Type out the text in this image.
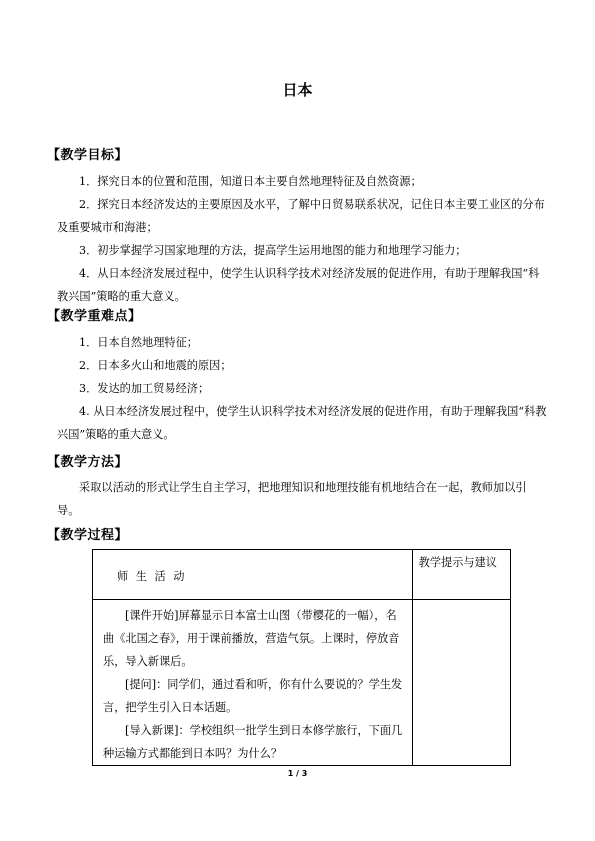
日本
【教学目标】

1．探究日本的位置和范围，知道日本主要自然地理特征及自然资源；

2．探究日本经济发达的主要原因及水平，了解中日贸易联系状况，记住日本主要工业区的分布及重要城市和海港；

3．初步掌握学习国家地理的方法，提高学生运用地图的能力和地理学习能力；

4．从日本经济发展过程中，使学生认识科学技术对经济发展的促进作用，有助于理解我国“科教兴国”策略的重大意义。

【教学重难点】

1．日本自然地理特征；

2．日本多火山和地震的原因；

3．发达的加工贸易经济；

4. 从日本经济发展过程中，使学生认识科学技术对经济发展的促进作用，有助于理解我国“科教兴国”策略的重大意义。

【教学方法】

采取以活动的形式让学生自主学习，把地理知识和地理技能有机地结合在一起，教师加以引导。

【教学过程】
师 生 活 动	教学提示与建议

[课件开始]屏幕显示日本富士山图（带樱花的一幅），名曲《北国之春》，用于课前播放，营造气氛。上课时，停放音乐，导入新课后。

[提问]：同学们，通过看和听，你有什么要说的？学生发言，把学生引入日本话题。

[导入新课]：学校组织一批学生到日本修学旅行，下面几种运输方式都能到日本吗？为什么？	

1 / 3
